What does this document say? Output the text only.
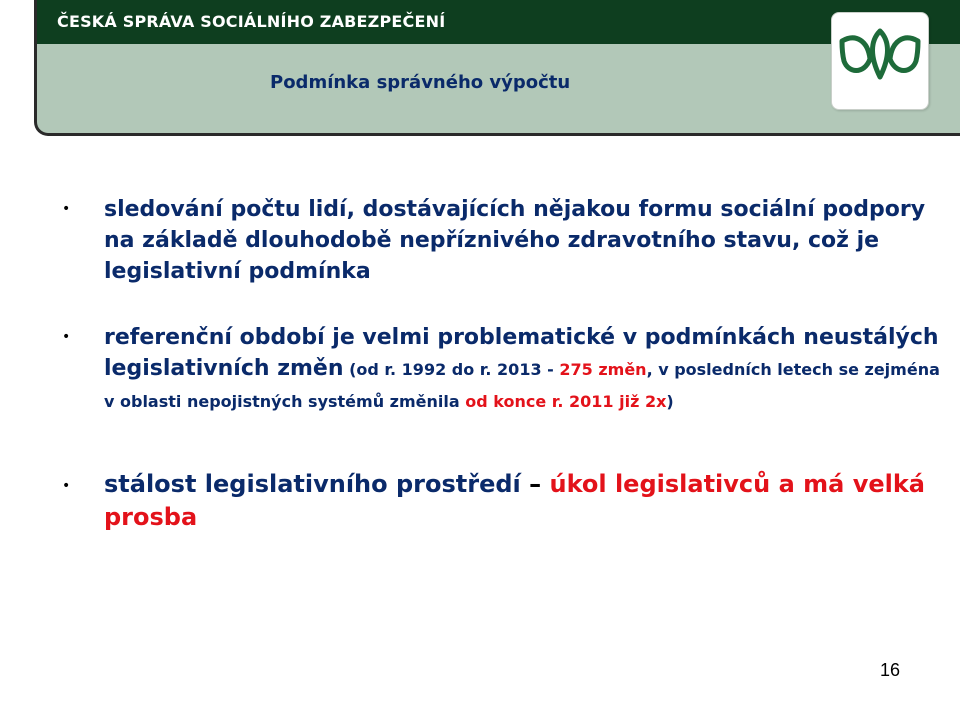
ČESKÁ SPRÁVA SOCIÁLNÍHO ZABEZPEČENÍ
Podmínka správného výpočtu
• sledování počtu lidí, dostávajících nějakou formu sociální podpory na základě dlouhodobě nepříznivého zdravotního stavu, což je legislativní podmínka

• referenční období je velmi problematické v podmínkách neustálých legislativních změn (od r. 1992 do r. 2013 - 275 změn, v posledních letech se zejména v oblasti nepojistných systémů změnila od konce r. 2011 již 2x)

• stálost legislativního prostředí – úkol legislativců a má velká prosba

16
